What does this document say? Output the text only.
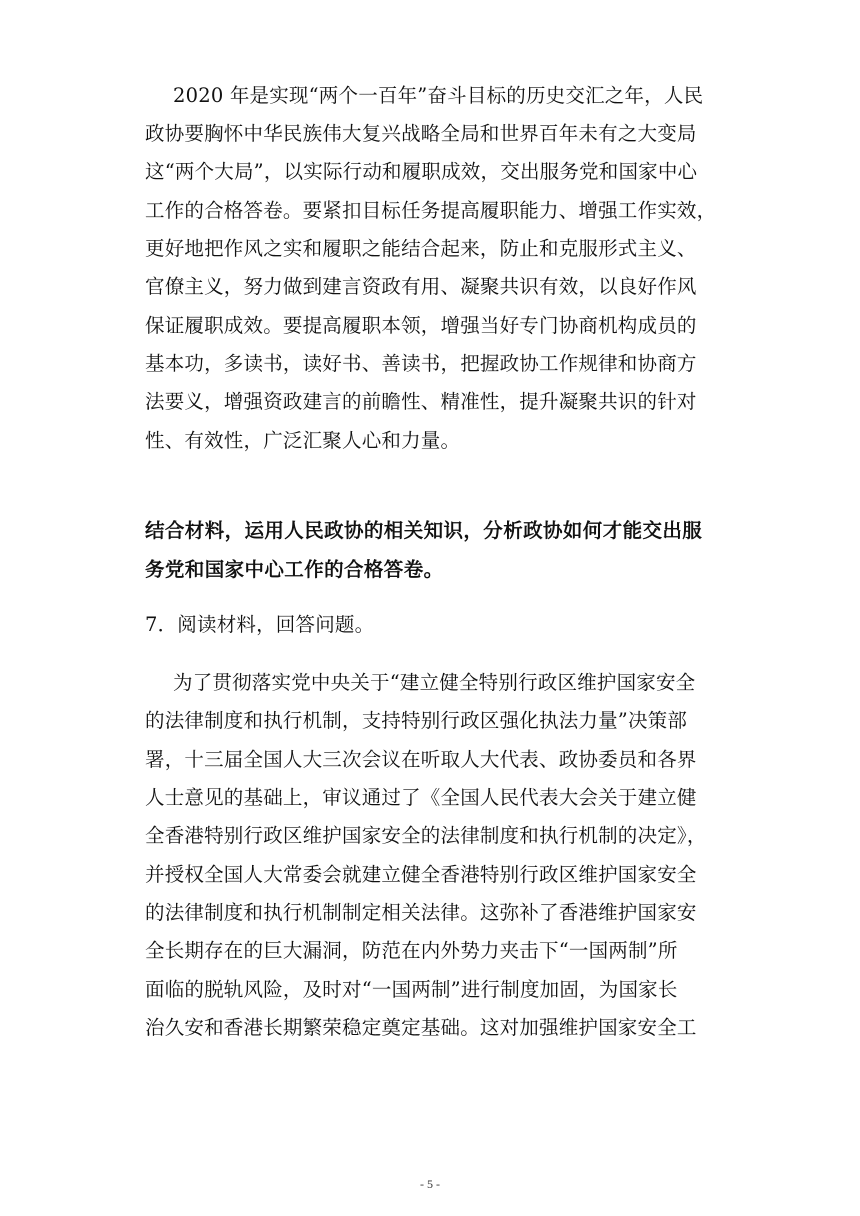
2020 年是实现“两个一百年”奋斗目标的历史交汇之年，人民
政协要胸怀中华民族伟大复兴战略全局和世界百年未有之大变局
这“两个大局”，以实际行动和履职成效，交出服务党和国家中心
工作的合格答卷。要紧扣目标任务提高履职能力、增强工作实效，
更好地把作风之实和履职之能结合起来，防止和克服形式主义、
官僚主义，努力做到建言资政有用、凝聚共识有效，以良好作风
保证履职成效。要提高履职本领，增强当好专门协商机构成员的
基本功，多读书，读好书、善读书，把握政协工作规律和协商方
法要义，增强资政建言的前瞻性、精准性，提升凝聚共识的针对
性、有效性，广泛汇聚人心和力量。
结合材料，运用人民政协的相关知识，分析政协如何才能交出服
务党和国家中心工作的合格答卷。
7．阅读材料，回答问题。
为了贯彻落实党中央关于“建立健全特别行政区维护国家安全
的法律制度和执行机制，支持特别行政区强化执法力量”决策部
署，十三届全国人大三次会议在听取人大代表、政协委员和各界
人士意见的基础上，审议通过了《全国人民代表大会关于建立健
全香港特别行政区维护国家安全的法律制度和执行机制的决定》，
并授权全国人大常委会就建立健全香港特别行政区维护国家安全
的法律制度和执行机制制定相关法律。这弥补了香港维护国家安
全长期存在的巨大漏洞，防范在内外势力夹击下“一国两制”所
面临的脱轨风险，及时对“一国两制”进行制度加固，为国家长
治久安和香港长期繁荣稳定奠定基础。这对加强维护国家安全工
- 5 -
